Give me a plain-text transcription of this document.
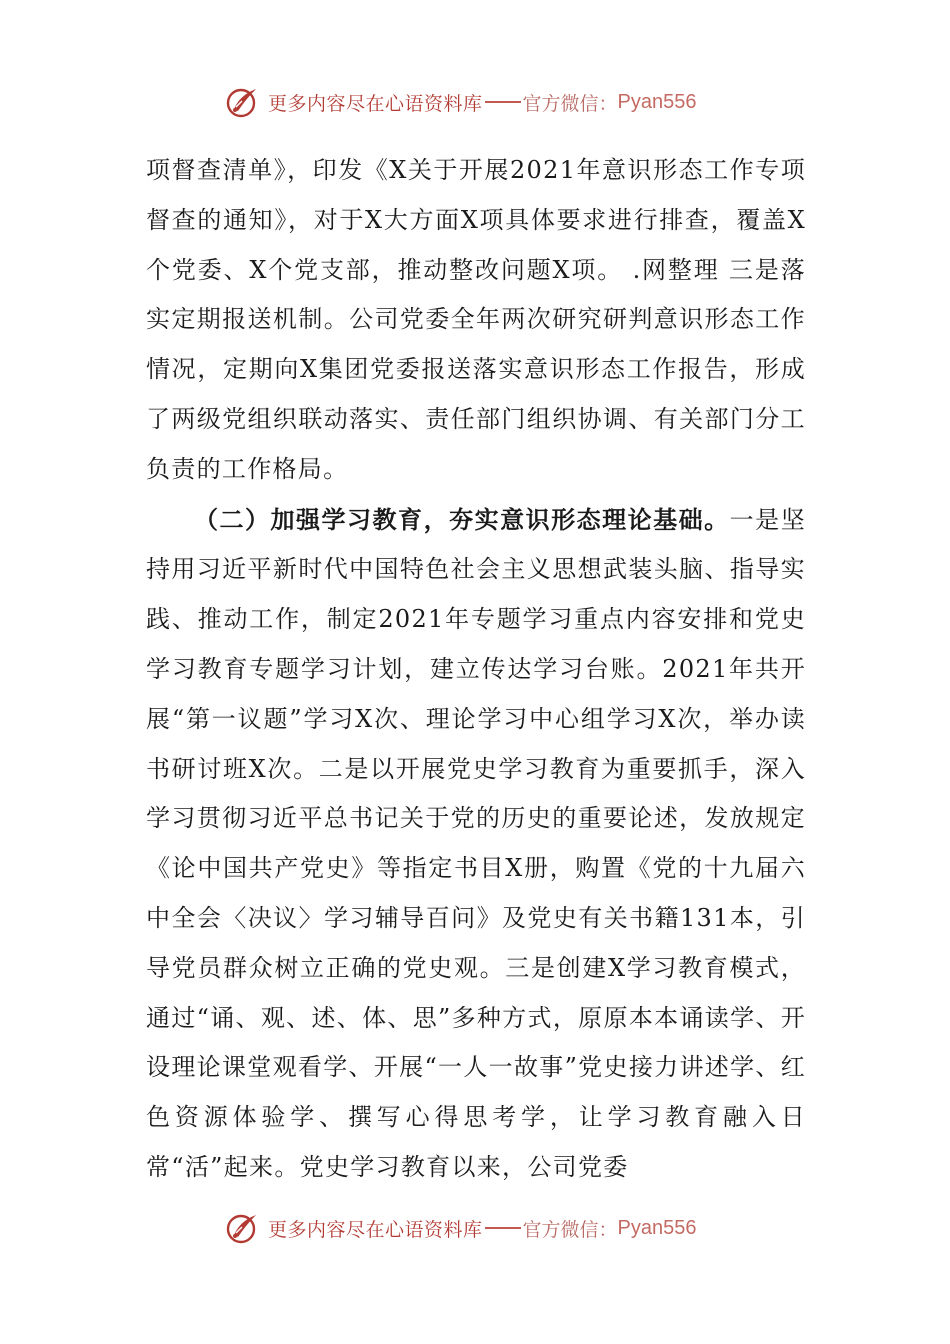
更多内容尽在心语资料库 官方微信： Pyan556

项督查清单》，印发《X关于开展2021年意识形态工作专项督查的通知》，对于X大方面X项具体要求进行排查，覆盖X个党委、X个党支部，推动整改问题X项。 .网整理 三是落实定期报送机制。公司党委全年两次研究研判意识形态工作情况，定期向X集团党委报送落实意识形态工作报告，形成了两级党组织联动落实、责任部门组织协调、有关部门分工负责的工作格局。

（二）加强学习教育，夯实意识形态理论基础。一是坚持用习近平新时代中国特色社会主义思想武装头脑、指导实践、推动工作，制定2021年专题学习重点内容安排和党史学习教育专题学习计划，建立传达学习台账。2021年共开展“第一议题”学习X次、理论学习中心组学习X次，举办读书研讨班X次。二是以开展党史学习教育为重要抓手，深入学习贯彻习近平总书记关于党的历史的重要论述，发放规定《论中国共产党史》等指定书目X册，购置《党的十九届六中全会〈决议〉学习辅导百问》及党史有关书籍131本，引导党员群众树立正确的党史观。三是创建X学习教育模式，通过“诵、观、述、体、思”多种方式，原原本本诵读学、开设理论课堂观看学、开展“一人一故事”党史接力讲述学、红色资源体验学、撰写心得思考学，让学习教育融入日常“活”起来。党史学习教育以来，公司党委

更多内容尽在心语资料库 官方微信： Pyan556
